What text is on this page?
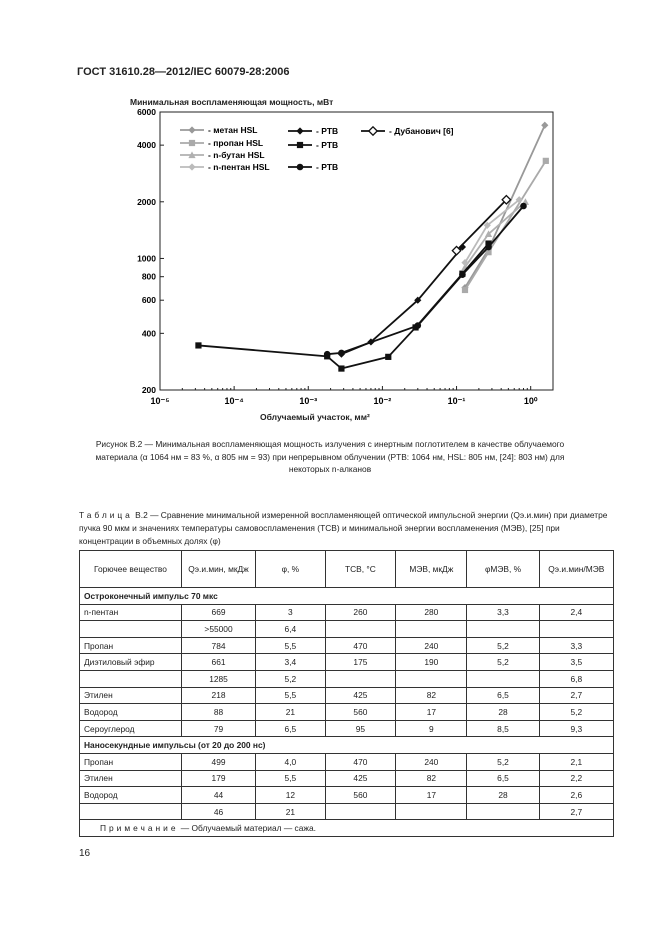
ГОСТ 31610.28—2012/IEC 60079-28:2006
Минимальная воспламеняющая мощность, мВт
10⁻⁵	10⁻⁴	10⁻³	10⁻²	10⁻¹	10⁰
200
400
600
800
1000
2000
4000
6000
- метан HSL
- пропан HSL
- n-бутан HSL
- n-пентан HSL
- PTB
- PTB
- PTB
- Дубанович [6]
Облучаемый участок, мм²
Рисунок В.2 — Минимальная воспламеняющая мощность излучения с инертным поглотителем в качестве облучаемого материала (α 1064 нм = 83 %, α 805 нм = 93) при непрерывном облучении (PTB: 1064 нм, HSL: 805 нм, [24]: 803 нм) для некоторых n-алканов
Таблица В.2 — Сравнение минимальной измеренной воспламеняющей оптической импульсной энергии (Qэ.и.мин) при диаметре пучка 90 мкм и значениях температуры самовоспламенения (ТСВ) и минимальной энергии воспламенения (МЭВ), [25] при концентрации в объемных долях (φ)
Горючее вещество	Qэ.и.мин, мкДж	φ, %	ТСВ, °С	МЭВ, мкДж	φМЭВ, %	Qэ.и.мин/МЭВ
Остроконечный импульс 70 мкс						
n-пентан	669	3	260	280	3,3	2,4
	>55000	6,4				
Пропан	784	5,5	470	240	5,2	3,3
Диэтиловый эфир	661	3,4	175	190	5,2	3,5
	1285	5,2				6,8
Этилен	218	5,5	425	82	6,5	2,7
Водород	88	21	560	17	28	5,2
Сероуглерод	79	6,5	95	9	8,5	9,3
Наносекундные импульсы (от 20 до 200 нс)						
Пропан	499	4,0	470	240	5,2	2,1
Этилен	179	5,5	425	82	6,5	2,2
Водород	44	12	560	17	28	2,6
	46	21				2,7
Примечание — Облучаемый материал — сажа.						
16
